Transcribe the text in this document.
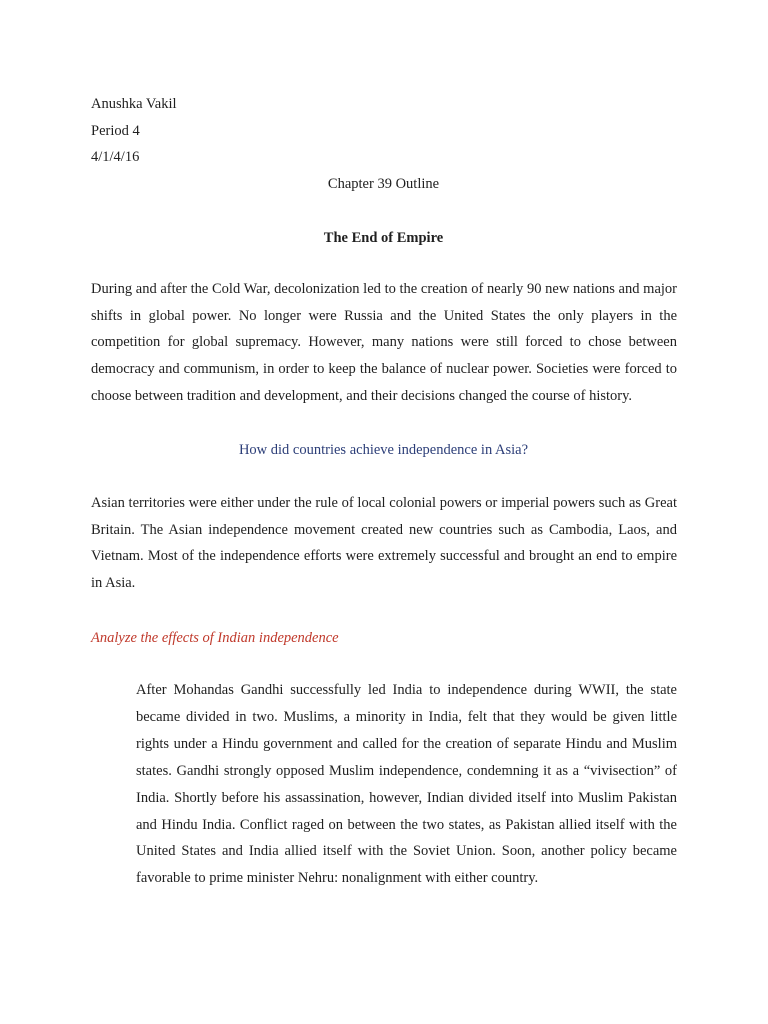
Anushka Vakil
Period 4
4/1/4/16
Chapter 39 Outline
The End of Empire

During and after the Cold War, decolonization led to the creation of nearly 90 new nations and major shifts in global power. No longer were Russia and the United States the only players in the competition for global supremacy. However, many nations were still forced to chose between democracy and communism, in order to keep the balance of nuclear power. Societies were forced to choose between tradition and development, and their decisions changed the course of history.

How did countries achieve independence in Asia?

Asian territories were either under the rule of local colonial powers or imperial powers such as Great Britain. The Asian independence movement created new countries such as Cambodia, Laos, and Vietnam. Most of the independence efforts were extremely successful and brought an end to empire in Asia.

Analyze the effects of Indian independence

After Mohandas Gandhi successfully led India to independence during WWII, the state became divided in two. Muslims, a minority in India, felt that they would be given little rights under a Hindu government and called for the creation of separate Hindu and Muslim states. Gandhi strongly opposed Muslim independence, condemning it as a “vivisection” of India. Shortly before his assassination, however, Indian divided itself into Muslim Pakistan and Hindu India. Conflict raged on between the two states, as Pakistan allied itself with the United States and India allied itself with the Soviet Union. Soon, another policy became favorable to prime minister Nehru: nonalignment with either country.
